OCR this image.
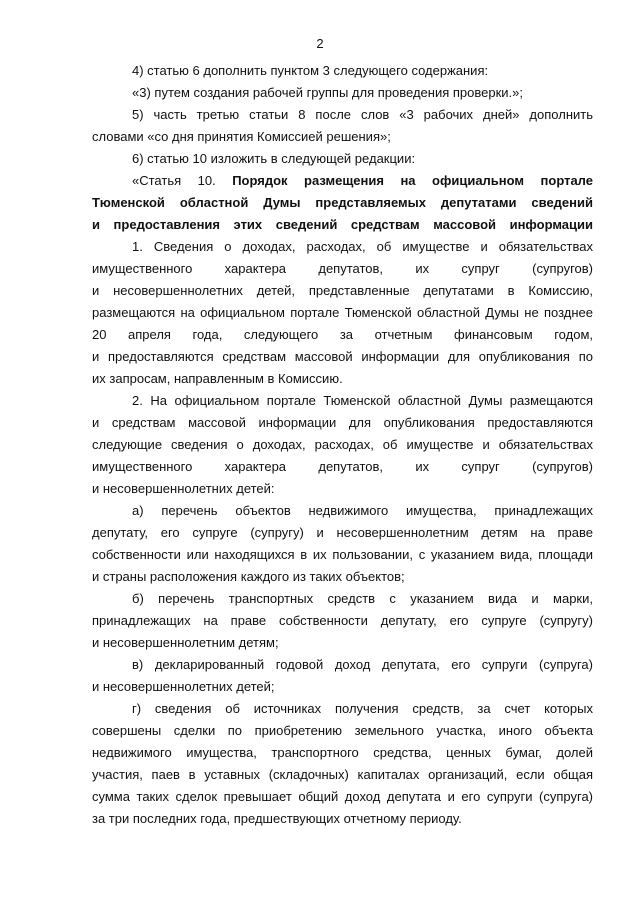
2
4) статью 6 дополнить пунктом 3 следующего содержания:
«3) путем создания рабочей группы для проведения проверки.»;
5) часть третью статьи 8 после слов «3 рабочих дней» дополнить
словами «со дня принятия Комиссией решения»;
6) статью 10 изложить в следующей редакции:
«Статья 10. Порядок размещения на официальном портале
Тюменской областной Думы представляемых депутатами сведений
и предоставления этих сведений средствам массовой информации
1. Сведения о доходах, расходах, об имуществе и обязательствах
имущественного характера депутатов, их супруг (супругов)
и несовершеннолетних детей, представленные депутатами в Комиссию,
размещаются на официальном портале Тюменской областной Думы не позднее
20 апреля года, следующего за отчетным финансовым годом,
и предоставляются средствам массовой информации для опубликования по
их запросам, направленным в Комиссию.
2. На официальном портале Тюменской областной Думы размещаются
и средствам массовой информации для опубликования предоставляются
следующие сведения о доходах, расходах, об имуществе и обязательствах
имущественного характера депутатов, их супруг (супругов)
и несовершеннолетних детей:
а) перечень объектов недвижимого имущества, принадлежащих
депутату, его супруге (супругу) и несовершеннолетним детям на праве
собственности или находящихся в их пользовании, с указанием вида, площади
и страны расположения каждого из таких объектов;
б) перечень транспортных средств с указанием вида и марки,
принадлежащих на праве собственности депутату, его супруге (супругу)
и несовершеннолетним детям;
в) декларированный годовой доход депутата, его супруги (супруга)
и несовершеннолетних детей;
г) сведения об источниках получения средств, за счет которых
совершены сделки по приобретению земельного участка, иного объекта
недвижимого имущества, транспортного средства, ценных бумаг, долей
участия, паев в уставных (складочных) капиталах организаций, если общая
сумма таких сделок превышает общий доход депутата и его супруги (супруга)
за три последних года, предшествующих отчетному периоду.
